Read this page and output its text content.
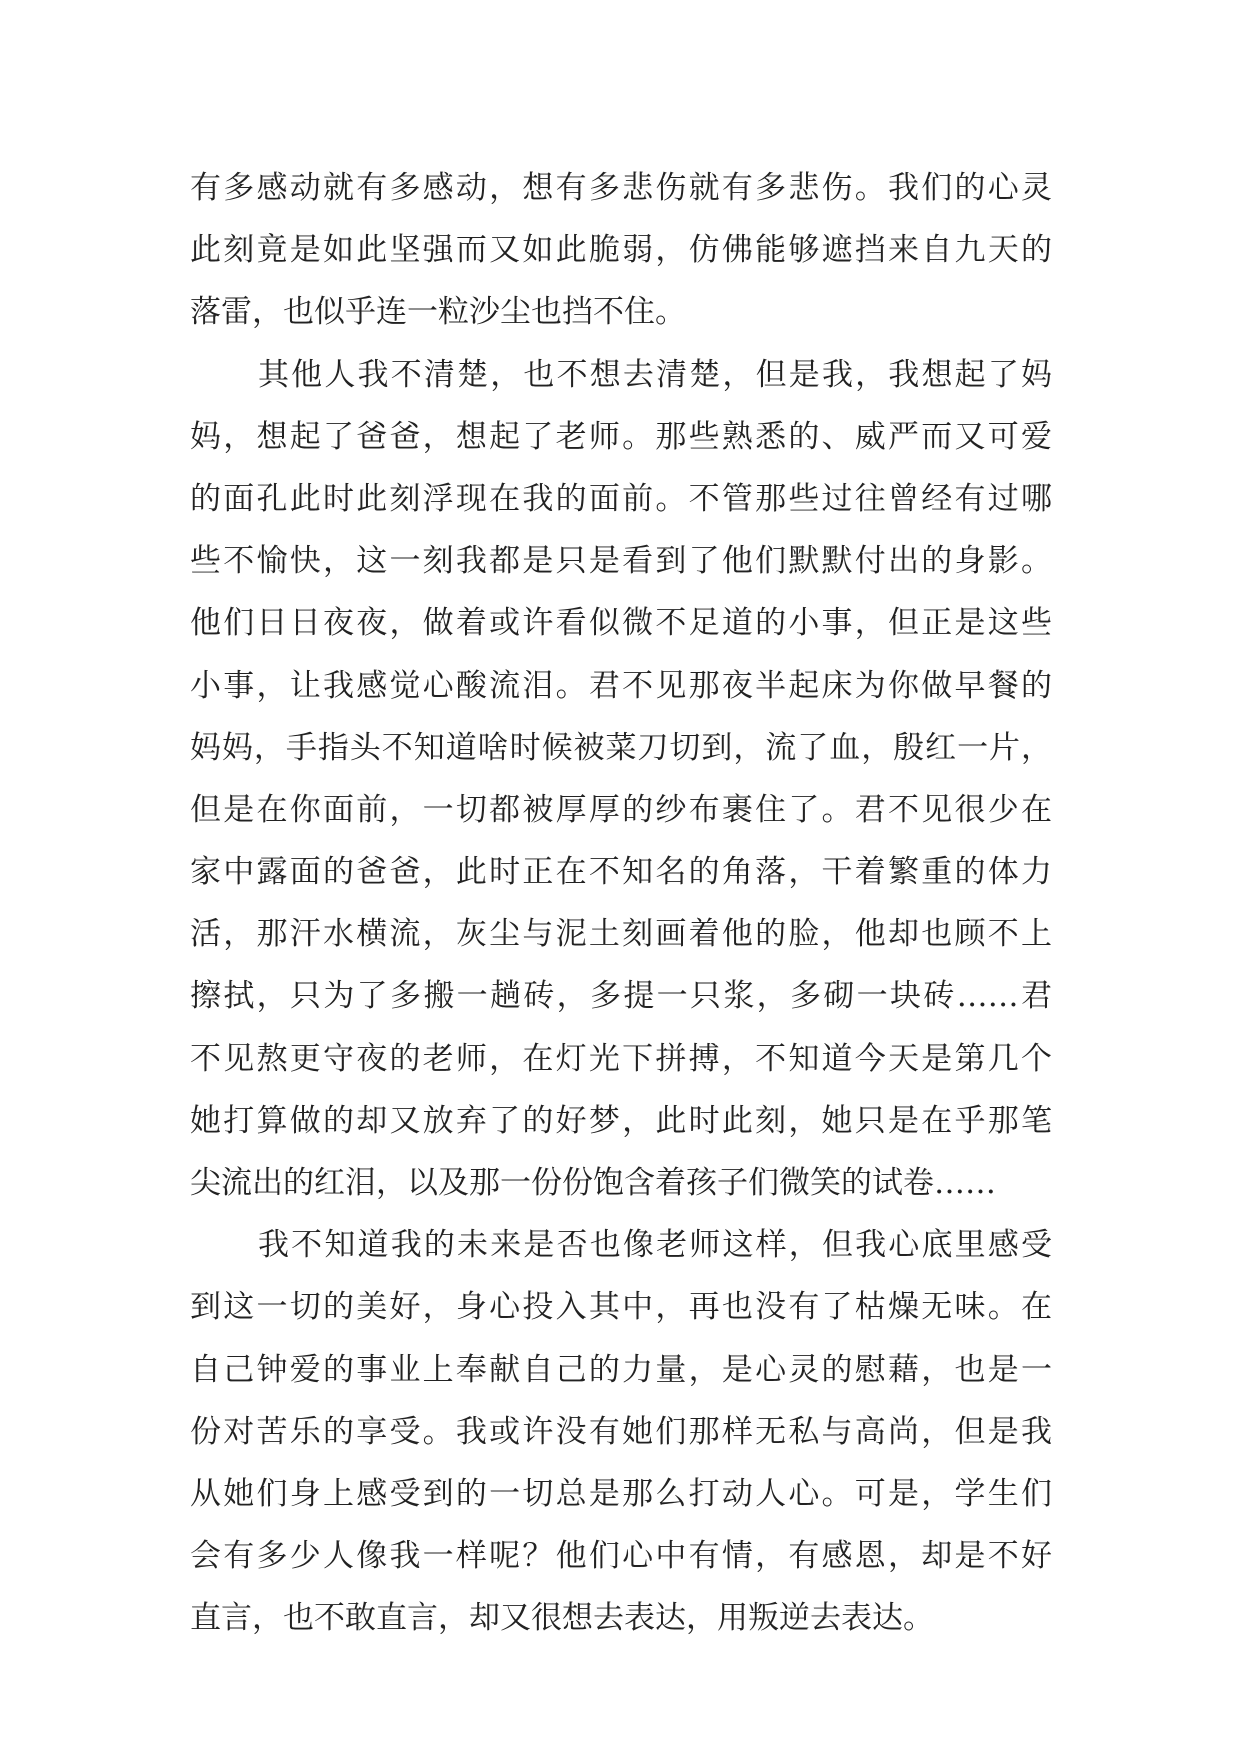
有多感动就有多感动，想有多悲伤就有多悲伤。我们的心灵
此刻竟是如此坚强而又如此脆弱，仿佛能够遮挡来自九天的
落雷，也似乎连一粒沙尘也挡不住。
其他人我不清楚，也不想去清楚，但是我，我想起了妈
妈，想起了爸爸，想起了老师。那些熟悉的、威严而又可爱
的面孔此时此刻浮现在我的面前。不管那些过往曾经有过哪
些不愉快，这一刻我都是只是看到了他们默默付出的身影。
他们日日夜夜，做着或许看似微不足道的小事，但正是这些
小事，让我感觉心酸流泪。君不见那夜半起床为你做早餐的
妈妈，手指头不知道啥时候被菜刀切到，流了血，殷红一片，
但是在你面前，一切都被厚厚的纱布裹住了。君不见很少在
家中露面的爸爸，此时正在不知名的角落，干着繁重的体力
活，那汗水横流，灰尘与泥土刻画着他的脸，他却也顾不上
擦拭，只为了多搬一趟砖，多提一只浆，多砌一块砖……君
不见熬更守夜的老师，在灯光下拼搏，不知道今天是第几个
她打算做的却又放弃了的好梦，此时此刻，她只是在乎那笔
尖流出的红泪，以及那一份份饱含着孩子们微笑的试卷……
我不知道我的未来是否也像老师这样，但我心底里感受
到这一切的美好，身心投入其中，再也没有了枯燥无味。在
自己钟爱的事业上奉献自己的力量，是心灵的慰藉，也是一
份对苦乐的享受。我或许没有她们那样无私与高尚，但是我
从她们身上感受到的一切总是那么打动人心。可是，学生们
会有多少人像我一样呢？他们心中有情，有感恩，却是不好
直言，也不敢直言，却又很想去表达，用叛逆去表达。
